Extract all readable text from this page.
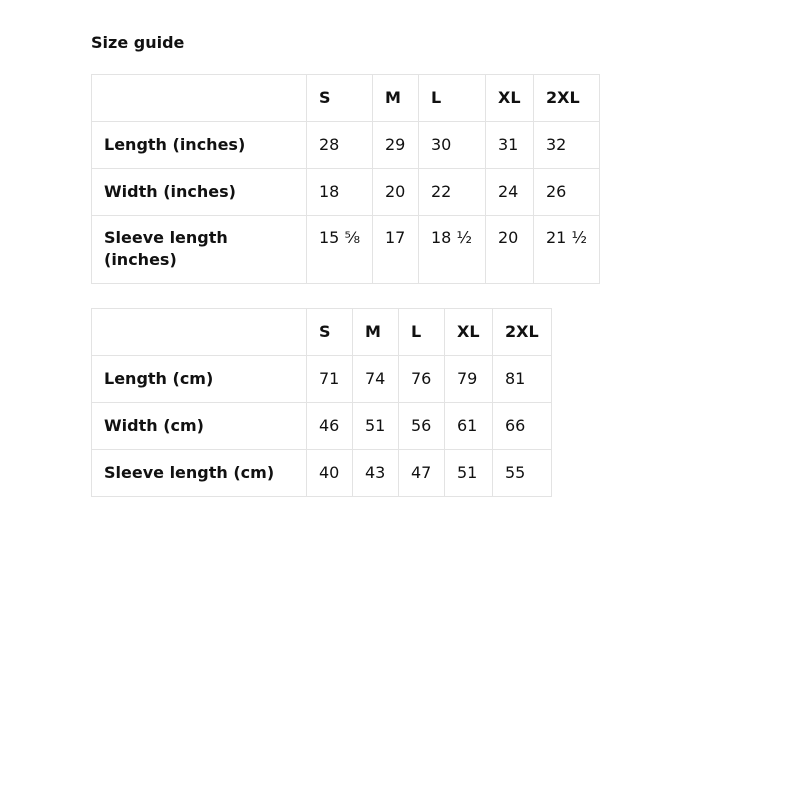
Size guide
	S	M	L	XL	2XL
Length (inches)	28	29	30	31	32
Width (inches)	18	20	22	24	26
Sleeve length (inches)	15 ⅝	17	18 ½	20	21 ½
	S	M	L	XL	2XL
Length (cm)	71	74	76	79	81
Width (cm)	46	51	56	61	66
Sleeve length (cm)	40	43	47	51	55
